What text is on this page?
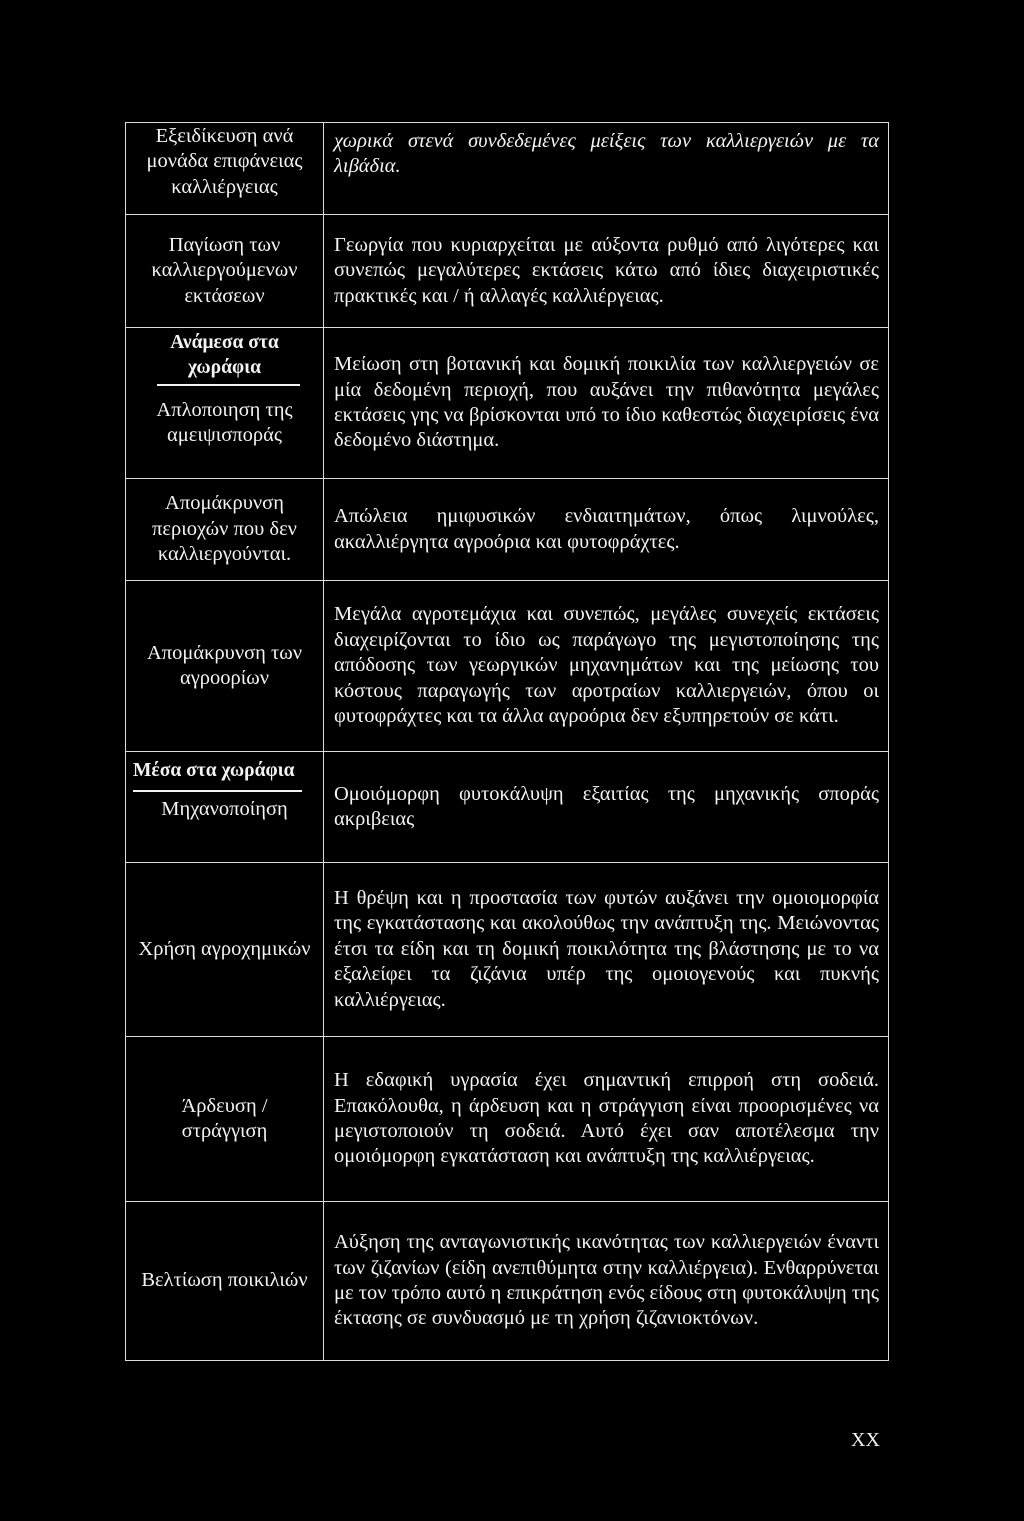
Εξειδίκευση ανά
μονάδα επιφάνειας
καλλιέργειας	χωρικά στενά συνδεδεμένες μείξεις των καλλιεργειών με τα λιβάδια.

Παγίωση των
καλλιεργούμενων
εκτάσεων	Γεωργία που κυριαρχείται με αύξοντα ρυθμό από λιγότερες και συνεπώς μεγαλύτερες εκτάσεις κάτω από ίδιες διαχειριστικές πρακτικές και / ή αλλαγές καλλιέργειας.

Ανάμεσα στα
χωράφια
Απλοποιηση της
αμειψισποράς	Μείωση στη βοτανική και δομική ποικιλία των καλλιεργειών σε μία δεδομένη περιοχή, που αυξάνει την πιθανότητα μεγάλες εκτάσεις γης να βρίσκονται υπό το ίδιο καθεστώς διαχειρίσεις ένα δεδομένο διάστημα.

Απομάκρυνση
περιοχών που δεν
καλλιεργούνται.	Απώλεια ημιφυσικών ενδιαιτημάτων, όπως λιμνούλες, ακαλλιέργητα αγροόρια και φυτοφράχτες.

Απομάκρυνση των
αγροορίων	Μεγάλα αγροτεμάχια και συνεπώς, μεγάλες συνεχείς εκτάσεις διαχειρίζονται το ίδιο ως παράγωγο της μεγιστοποίησης της απόδοσης των γεωργικών μηχανημάτων και της μείωσης του κόστους παραγωγής των αροτραίων καλλιεργειών, όπου οι φυτοφράχτες και τα άλλα αγροόρια δεν εξυπηρετούν σε κάτι.

Μέσα στα χωράφια
Μηχανοποίηση	Ομοιόμορφη φυτοκάλυψη εξαιτίας της μηχανικής σποράς ακριβειας

Χρήση αγροχημικών	Η θρέψη και η προστασία των φυτών αυξάνει την ομοιομορφία της εγκατάστασης και ακολούθως την ανάπτυξη της. Μειώνοντας έτσι τα είδη και τη δομική ποικιλότητα της βλάστησης με το να εξαλείφει τα ζιζάνια υπέρ της ομοιογενούς και πυκνής καλλιέργειας.

Άρδευση /
στράγγιση	Η εδαφική υγρασία έχει σημαντική επιρροή στη σοδειά. Επακόλουθα, η άρδευση και η στράγγιση είναι προορισμένες να μεγιστοποιούν τη σοδειά. Αυτό έχει σαν αποτέλεσμα την ομοιόμορφη εγκατάσταση και ανάπτυξη της καλλιέργειας.

Βελτίωση ποικιλιών	Αύξηση της ανταγωνιστικής ικανότητας των καλλιεργειών έναντι των ζιζανίων (είδη ανεπιθύμητα στην καλλιέργεια). Ενθαρρύνεται με τον τρόπο αυτό η επικράτηση ενός είδους στη φυτοκάλυψη της έκτασης σε συνδυασμό με τη χρήση ζιζανιοκτόνων.
XX
